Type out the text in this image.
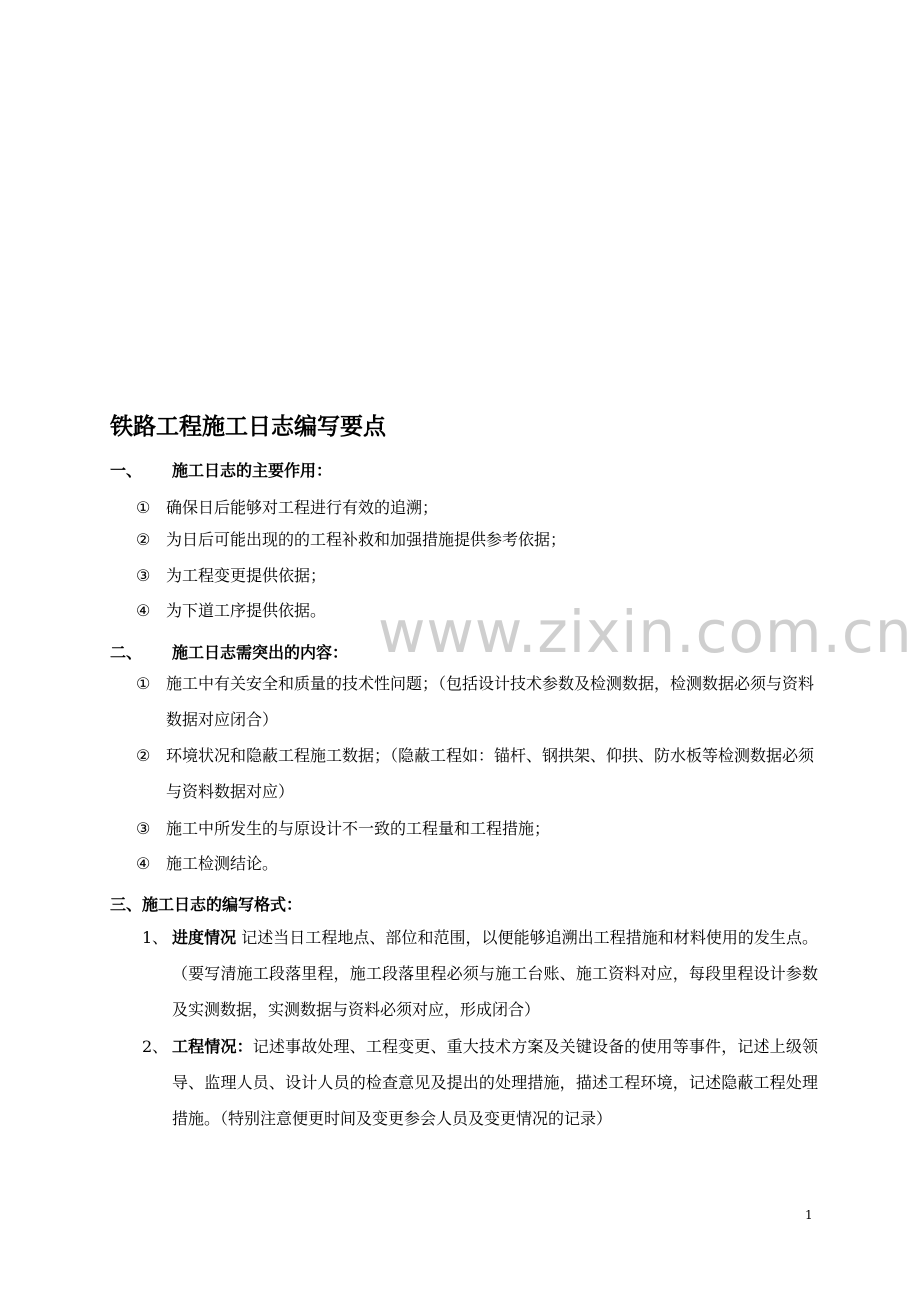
www.zixin.com.cn
铁路工程施工日志编写要点
一、 施工日志的主要作用：
① 确保日后能够对工程进行有效的追溯；
② 为日后可能出现的的工程补救和加强措施提供参考依据；
③ 为工程变更提供依据；
④ 为下道工序提供依据。
二、 施工日志需突出的内容：
① 施工中有关安全和质量的技术性问题；（包括设计技术参数及检测数据，检测数据必须与资料数据对应闭合）
② 环境状况和隐蔽工程施工数据；（隐蔽工程如：锚杆、钢拱架、仰拱、防水板等检测数据必须与资料数据对应）
③ 施工中所发生的与原设计不一致的工程量和工程措施；
④ 施工检测结论。
三、施工日志的编写格式：
1、 进度情况 记述当日工程地点、部位和范围，以便能够追溯出工程措施和材料使用的发生点。（要写清施工段落里程，施工段落里程必须与施工台账、施工资料对应，每段里程设计参数及实测数据，实测数据与资料必须对应，形成闭合）
2、 工程情况：记述事故处理、工程变更、重大技术方案及关键设备的使用等事件，记述上级领导、监理人员、设计人员的检查意见及提出的处理措施，描述工程环境，记述隐蔽工程处理措施。（特别注意便更时间及变更参会人员及变更情况的记录）
1
